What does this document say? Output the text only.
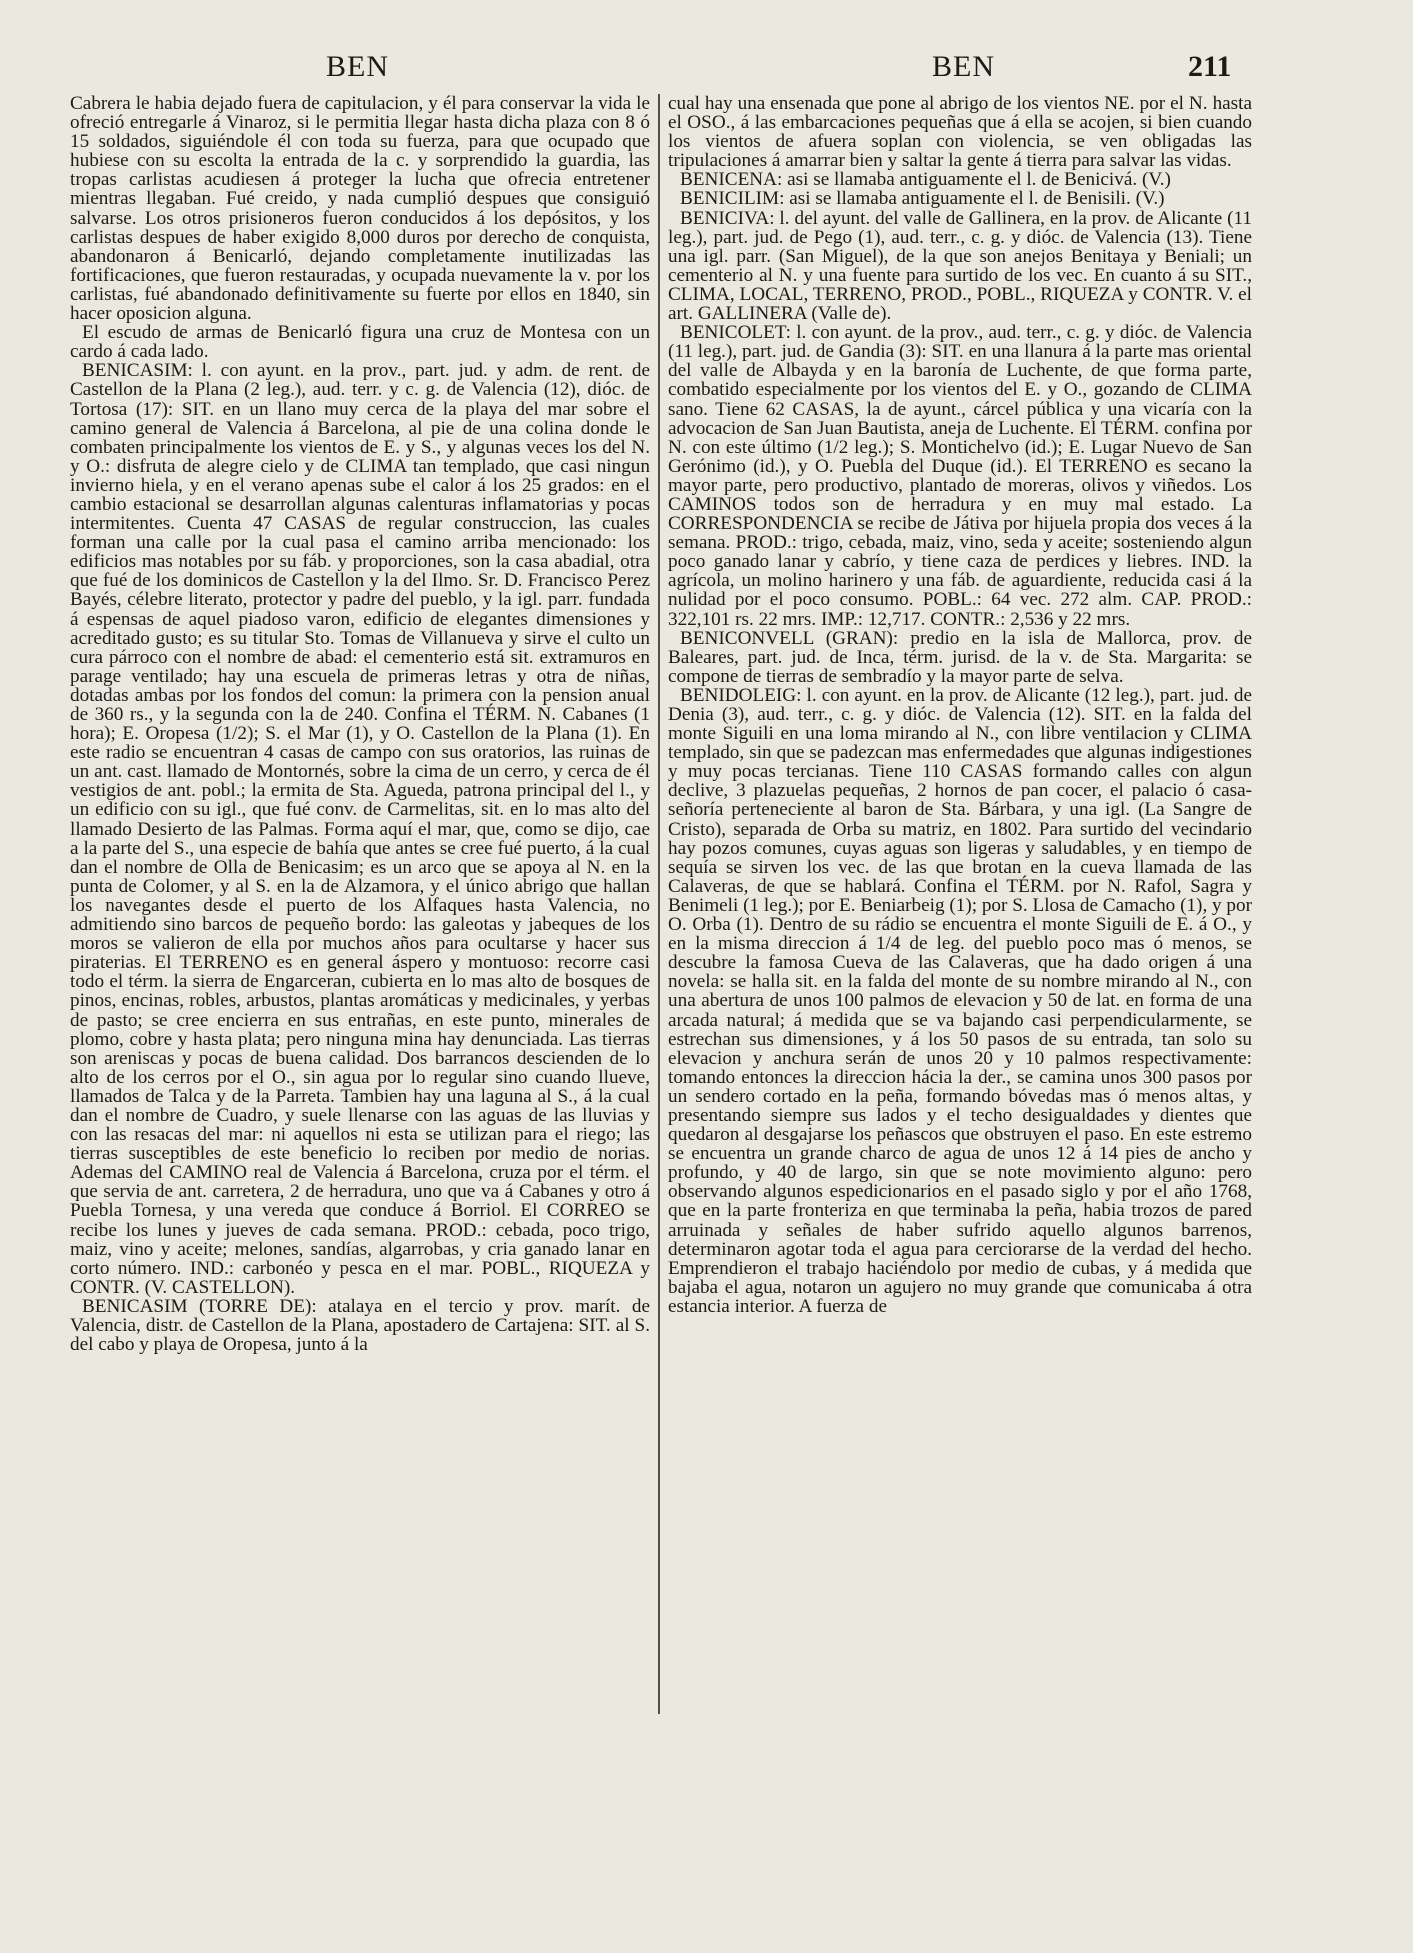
BEN	BEN	211

Cabrera le habia dejado fuera de capitulacion, y él para conservar la vida le ofreció entregarle á Vinaroz, si le permitia llegar hasta dicha plaza con 8 ó 15 soldados, siguiéndole él con toda su fuerza, para que ocupado que hubiese con su escolta la entrada de la c. y sorprendido la guardia, las tropas carlistas acudiesen á proteger la lucha que ofrecia entretener mientras llegaban. Fué creido, y nada cumplió despues que consiguió salvarse. Los otros prisioneros fueron conducidos á los depósitos, y los carlistas despues de haber exigido 8,000 duros por derecho de conquista, abandonaron á Benicarló, dejando completamente inutilizadas las fortificaciones, que fueron restauradas, y ocupada nuevamente la v. por los carlistas, fué abandonado definitivamente su fuerte por ellos en 1840, sin hacer oposicion alguna.

El escudo de armas de Benicarló figura una cruz de Montesa con un cardo á cada lado.

BENICASIM: l. con ayunt. en la prov., part. jud. y adm. de rent. de Castellon de la Plana (2 leg.), aud. terr. y c. g. de Valencia (12), dióc. de Tortosa (17): SIT. en un llano muy cerca de la playa del mar sobre el camino general de Valencia á Barcelona, al pie de una colina donde le combaten principalmente los vientos de E. y S., y algunas veces los del N. y O.: disfruta de alegre cielo y de CLIMA tan templado, que casi ningun invierno hiela, y en el verano apenas sube el calor á los 25 grados: en el cambio estacional se desarrollan algunas calenturas inflamatorias y pocas intermitentes. Cuenta 47 CASAS de regular construccion, las cuales forman una calle por la cual pasa el camino arriba mencionado: los edificios mas notables por su fáb. y proporciones, son la casa abadial, otra que fué de los dominicos de Castellon y la del Ilmo. Sr. D. Francisco Perez Bayés, célebre literato, protector y padre del pueblo, y la igl. parr. fundada á espensas de aquel piadoso varon, edificio de elegantes dimensiones y acreditado gusto; es su titular Sto. Tomas de Villanueva y sirve el culto un cura párroco con el nombre de abad: el cementerio está sit. extramuros en parage ventilado; hay una escuela de primeras letras y otra de niñas, dotadas ambas por los fondos del comun: la primera con la pension anual de 360 rs., y la segunda con la de 240. Confina el TÉRM. N. Cabanes (1 hora); E. Oropesa (1/2); S. el Mar (1), y O. Castellon de la Plana (1). En este radio se encuentran 4 casas de campo con sus oratorios, las ruinas de un ant. cast. llamado de Montornés, sobre la cima de un cerro, y cerca de él vestigios de ant. pobl.; la ermita de Sta. Agueda, patrona principal del l., y un edificio con su igl., que fué conv. de Carmelitas, sit. en lo mas alto del llamado Desierto de las Palmas. Forma aquí el mar, que, como se dijo, cae a la parte del S., una especie de bahía que antes se cree fué puerto, á la cual dan el nombre de Olla de Benicasim; es un arco que se apoya al N. en la punta de Colomer, y al S. en la de Alzamora, y el único abrigo que hallan los navegantes desde el puerto de los Alfaques hasta Valencia, no admitiendo sino barcos de pequeño bordo: las galeotas y jabeques de los moros se valieron de ella por muchos años para ocultarse y hacer sus piraterias. El TERRENO es en general áspero y montuoso: recorre casi todo el térm. la sierra de Engarceran, cubierta en lo mas alto de bosques de pinos, encinas, robles, arbustos, plantas aromáticas y medicinales, y yerbas de pasto; se cree encierra en sus entrañas, en este punto, minerales de plomo, cobre y hasta plata; pero ninguna mina hay denunciada. Las tierras son areniscas y pocas de buena calidad. Dos barrancos descienden de lo alto de los cerros por el O., sin agua por lo regular sino cuando llueve, llamados de Talca y de la Parreta. Tambien hay una laguna al S., á la cual dan el nombre de Cuadro, y suele llenarse con las aguas de las lluvias y con las resacas del mar: ni aquellos ni esta se utilizan para el riego; las tierras susceptibles de este beneficio lo reciben por medio de norias. Ademas del CAMINO real de Valencia á Barcelona, cruza por el térm. el que servia de ant. carretera, 2 de herradura, uno que va á Cabanes y otro á Puebla Tornesa, y una vereda que conduce á Borriol. El CORREO se recibe los lunes y jueves de cada semana. PROD.: cebada, poco trigo, maiz, vino y aceite; melones, sandías, algarrobas, y cria ganado lanar en corto número. IND.: carbonéo y pesca en el mar. POBL., RIQUEZA y CONTR. (V. CASTELLON).

BENICASIM (TORRE DE): atalaya en el tercio y prov. marít. de Valencia, distr. de Castellon de la Plana, apostadero de Cartajena: SIT. al S. del cabo y playa de Oropesa, junto á la

cual hay una ensenada que pone al abrigo de los vientos NE. por el N. hasta el OSO., á las embarcaciones pequeñas que á ella se acojen, si bien cuando los vientos de afuera soplan con violencia, se ven obligadas las tripulaciones á amarrar bien y saltar la gente á tierra para salvar las vidas.

BENICENA: asi se llamaba antiguamente el l. de Benicivá. (V.)

BENICILIM: asi se llamaba antiguamente el l. de Benisili. (V.)

BENICIVA: l. del ayunt. del valle de Gallinera, en la prov. de Alicante (11 leg.), part. jud. de Pego (1), aud. terr., c. g. y dióc. de Valencia (13). Tiene una igl. parr. (San Miguel), de la que son anejos Benitaya y Beniali; un cementerio al N. y una fuente para surtido de los vec. En cuanto á su SIT., CLIMA, LOCAL, TERRENO, PROD., POBL., RIQUEZA y CONTR. V. el art. GALLINERA (Valle de).

BENICOLET: l. con ayunt. de la prov., aud. terr., c. g. y dióc. de Valencia (11 leg.), part. jud. de Gandia (3): SIT. en una llanura á la parte mas oriental del valle de Albayda y en la baronía de Luchente, de que forma parte, combatido especialmente por los vientos del E. y O., gozando de CLIMA sano. Tiene 62 CASAS, la de ayunt., cárcel pública y una vicaría con la advocacion de San Juan Bautista, aneja de Luchente. El TÉRM. confina por N. con este último (1/2 leg.); S. Montichelvo (id.); E. Lugar Nuevo de San Gerónimo (id.), y O. Puebla del Duque (id.). El TERRENO es secano la mayor parte, pero productivo, plantado de moreras, olivos y viñedos. Los CAMINOS todos son de herradura y en muy mal estado. La CORRESPONDENCIA se recibe de Játiva por hijuela propia dos veces á la semana. PROD.: trigo, cebada, maiz, vino, seda y aceite; sosteniendo algun poco ganado lanar y cabrío, y tiene caza de perdices y liebres. IND. la agrícola, un molino harinero y una fáb. de aguardiente, reducida casi á la nulidad por el poco consumo. POBL.: 64 vec. 272 alm. CAP. PROD.: 322,101 rs. 22 mrs. IMP.: 12,717. CONTR.: 2,536 y 22 mrs.

BENICONVELL (GRAN): predio en la isla de Mallorca, prov. de Baleares, part. jud. de Inca, térm. jurisd. de la v. de Sta. Margarita: se compone de tierras de sembradío y la mayor parte de selva.

BENIDOLEIG: l. con ayunt. en la prov. de Alicante (12 leg.), part. jud. de Denia (3), aud. terr., c. g. y dióc. de Valencia (12). SIT. en la falda del monte Siguili en una loma mirando al N., con libre ventilacion y CLIMA templado, sin que se padezcan mas enfermedades que algunas indigestiones y muy pocas tercianas. Tiene 110 CASAS formando calles con algun declive, 3 plazuelas pequeñas, 2 hornos de pan cocer, el palacio ó casa-señoría perteneciente al baron de Sta. Bárbara, y una igl. (La Sangre de Cristo), separada de Orba su matriz, en 1802. Para surtido del vecindario hay pozos comunes, cuyas aguas son ligeras y saludables, y en tiempo de sequía se sirven los vec. de las que brotan en la cueva llamada de las Calaveras, de que se hablará. Confina el TÉRM. por N. Rafol, Sagra y Benimeli (1 leg.); por E. Beniarbeig (1); por S. Llosa de Camacho (1), y por O. Orba (1). Dentro de su rádio se encuentra el monte Siguili de E. á O., y en la misma direccion á 1/4 de leg. del pueblo poco mas ó menos, se descubre la famosa Cueva de las Calaveras, que ha dado origen á una novela: se halla sit. en la falda del monte de su nombre mirando al N., con una abertura de unos 100 palmos de elevacion y 50 de lat. en forma de una arcada natural; á medida que se va bajando casi perpendicularmente, se estrechan sus dimensiones, y á los 50 pasos de su entrada, tan solo su elevacion y anchura serán de unos 20 y 10 palmos respectivamente: tomando entonces la direccion hácia la der., se camina unos 300 pasos por un sendero cortado en la peña, formando bóvedas mas ó menos altas, y presentando siempre sus lados y el techo desigualdades y dientes que quedaron al desgajarse los peñascos que obstruyen el paso. En este estremo se encuentra un grande charco de agua de unos 12 á 14 pies de ancho y profundo, y 40 de largo, sin que se note movimiento alguno: pero observando algunos espedicionarios en el pasado siglo y por el año 1768, que en la parte fronteriza en que terminaba la peña, habia trozos de pared arruinada y señales de haber sufrido aquello algunos barrenos, determinaron agotar toda el agua para cerciorarse de la verdad del hecho. Emprendieron el trabajo haciéndolo por medio de cubas, y á medida que bajaba el agua, notaron un agujero no muy grande que comunicaba á otra estancia interior. A fuerza de
